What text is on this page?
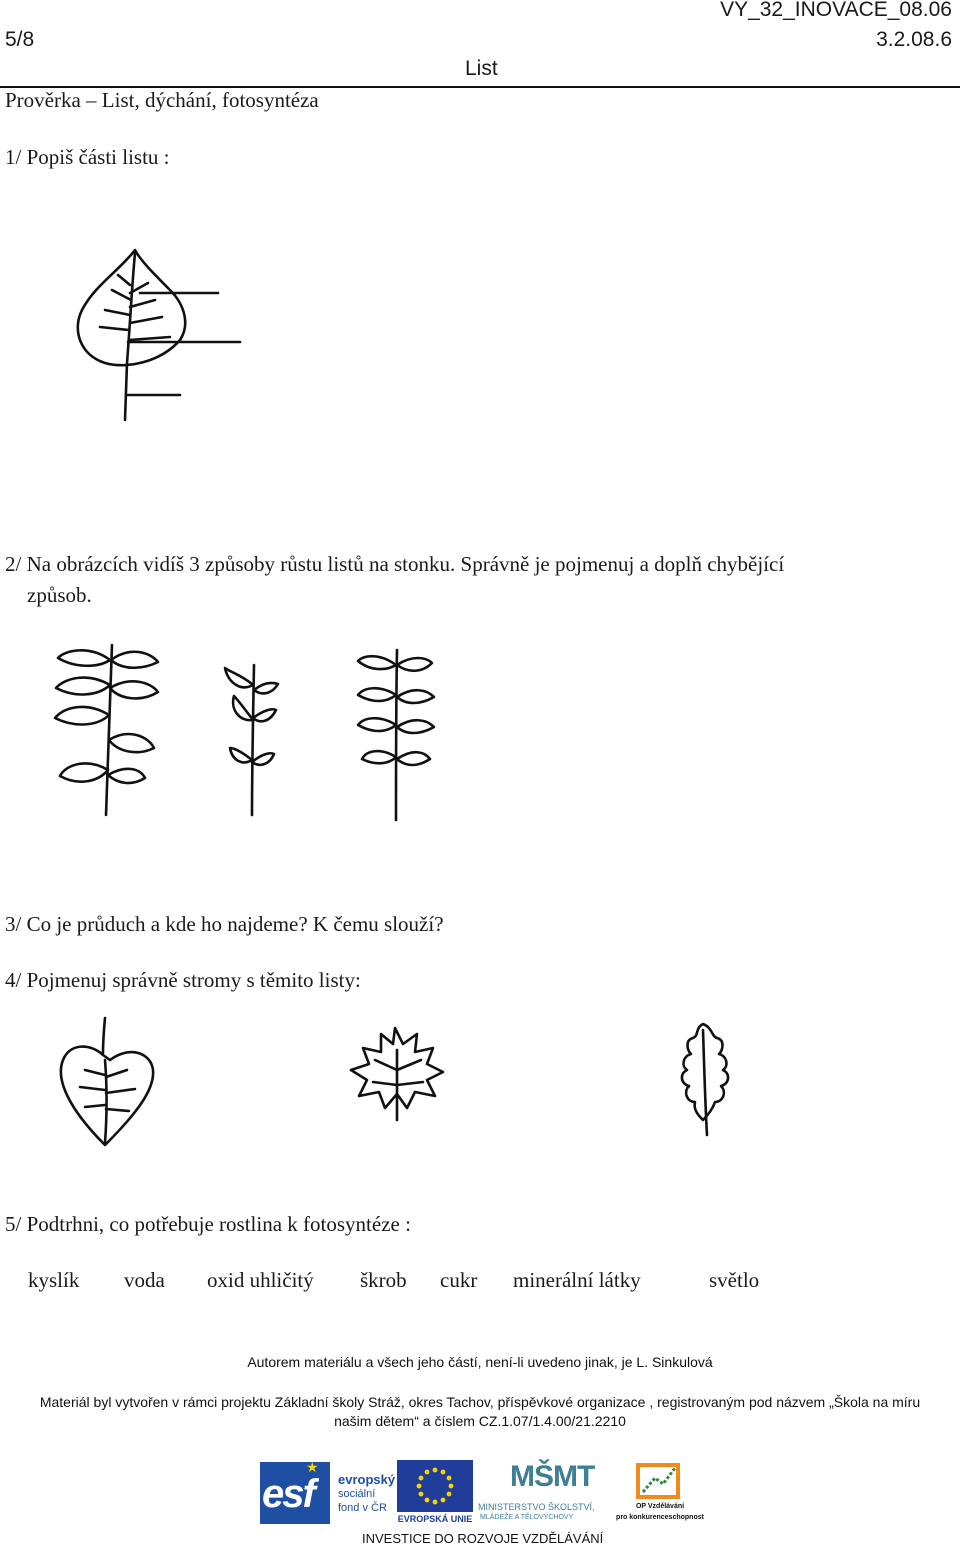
VY_32_INOVACE_08.06
5/8	3.2.08.6
List
Prověrka – List, dýchání, fotosyntéza
1/ Popiš části listu :
2/ Na obrázcích vidíš 3 způsoby růstu listů na stonku. Správně je pojmenuj a doplň chybějící
způsob.
3/ Co je průduch a kde ho najdeme? K čemu slouží?
4/ Pojmenuj správně stromy s těmito listy:
5/ Podtrhni, co potřebuje rostlina k fotosyntéze :
kyslík voda oxid uhličitý škrob cukr minerální látky	světlo
Autorem materiálu a všech jeho částí, není-li uvedeno jinak, je L. Sinkulová
Materiál byl vytvořen v rámci projektu Základní školy Stráž, okres Tachov, příspěvkové organizace , registrovaným pod názvem „Škola na míru
našim dětem“ a číslem CZ.1.07/1.4.00/21.2210
esf
★
evropský
sociální
fond v ČR
EVROPSKÁ UNIE
MŠMT
MINISTERSTVO ŠKOLSTVÍ,
MLÁDEŽE A TĚLOVÝCHOVY
OP Vzdělávání
pro konkurenceschopnost
INVESTICE DO ROZVOJE VZDĚLÁVÁNÍ
